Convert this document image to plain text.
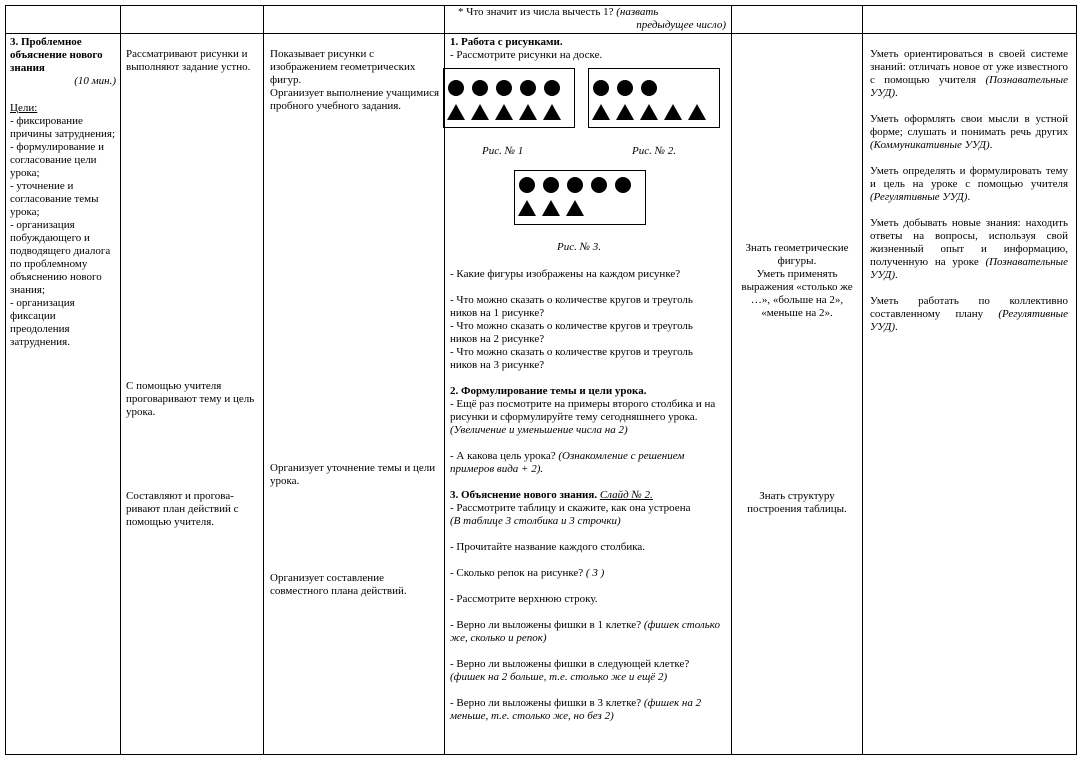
* Что значит из числа вычесть 1? (назвать
предыдущее число)
3. Проблемное объяснение нового знания
(10 мин.)
Цели:
- фиксирование причины затруднения;
- формулирование и согласование цели урока;
- уточнение и согласование темы урока;
- организация побуждающего и подводящего диалога по проблемному объяснению нового знания;
- организация фиксации преодоления затруднения.
Рассматривают рисунки и выполняют задание устно.
С помощью учителя проговаривают тему и цель урока.
Составляют и прогова-ривают план действий с помощью учителя.
Показывает рисунки с изображением геометрических фигур.
Организует выполнение учащимися пробного учебного задания.
Организует уточнение темы и цели урока.
Организует составление совместного плана действий.
1. Работа с рисунками.
- Рассмотрите рисунки на доске.
Рис. № 1	Рис. № 2.
Рис. № 3.
- Какие фигуры изображены на каждом рисунке?
- Что можно сказать о количестве кругов и треуголь ников на 1 рисунке?
- Что можно сказать о количестве кругов и треуголь ников на 2 рисунке?
- Что можно сказать о количестве кругов и треуголь ников на 3 рисунке?
2. Формулирование темы и цели урока.
- Ещё раз посмотрите на примеры второго столбика и на рисунки и сформулируйте тему сегодняшнего урока. (Увеличение и уменьшение числа на 2)
- А какова цель урока? (Ознакомление с решением примеров вида + 2).
3. Объяснение нового знания. Слайд № 2.
- Рассмотрите таблицу и скажите, как она устроена
(В таблице 3 столбика и 3 строчки)
- Прочитайте название каждого столбика.
- Сколько репок на рисунке? ( 3 )
- Рассмотрите верхнюю строку.
- Верно ли выложены фишки в 1 клетке? (фишек столько же, сколько и репок)
- Верно ли выложены фишки в следующей клетке? (фишек на 2 больше, т.е. столько же и ещё 2)
- Верно ли выложены фишки в 3 клетке? (фишек на 2 меньше, т.е. столько же, но без 2)
Знать геометрические фигуры.
Уметь применять выражения «столько же …», «больше на 2», «меньше на 2».
Знать структуру построения таблицы.
Уметь ориентироваться в своей системе знаний: отличать новое от уже известного с помощью учителя (Познавательные УУД).
Уметь оформлять свои мысли в устной форме; слушать и понимать речь других (Коммуникативные УУД).
Уметь определять и формулировать тему и цель на уроке с помощью учителя (Регулятивные УУД).
Уметь добывать новые знания: находить ответы на вопросы, используя свой жизненный опыт и информацию, полученную на уроке (Познавательные УУД).
Уметь работать по коллективно составленному плану (Регулятивные УУД).
